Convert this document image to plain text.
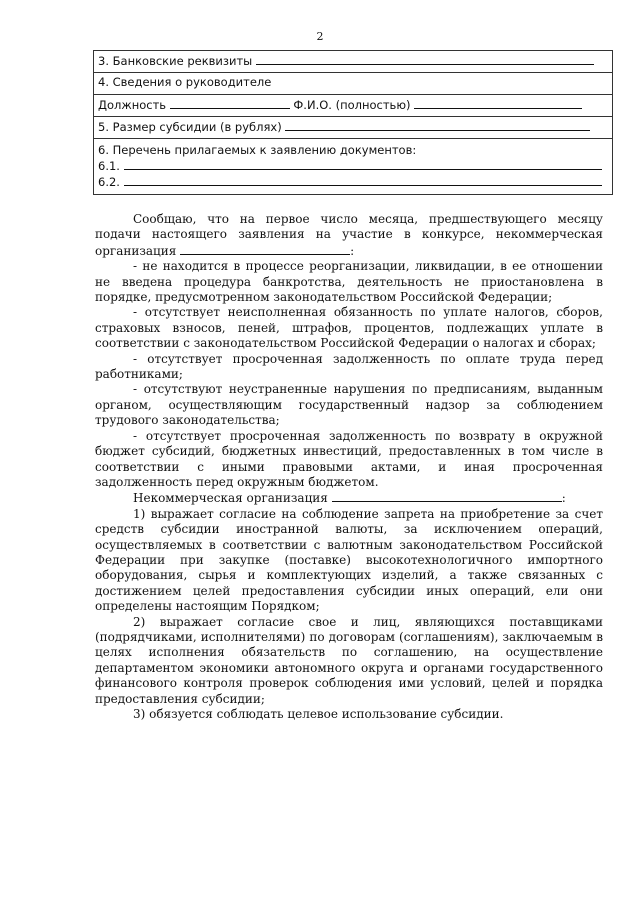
2
3. Банковские реквизиты
4. Сведения о руководителе
Должность	Ф.И.О. (полностью)
5. Размер субсидии (в рублях)

6. Перечень прилагаемых к заявлению документов:
6.1.
6.2.

Сообщаю, что на первое число месяца, предшествующего месяцу подачи настоящего заявления на участие в конкурсе, некоммерческая организация	:

- не находится в процессе реорганизации, ликвидации, в ее отношении не введена процедура банкротства, деятельность не приостановлена в порядке, предусмотренном законодательством Российской Федерации;

- отсутствует неисполненная обязанность по уплате налогов, сборов, страховых взносов, пеней, штрафов, процентов, подлежащих уплате в соответствии с законодательством Российской Федерации о налогах и сборах;

- отсутствует просроченная задолженность по оплате труда перед работниками;

- отсутствуют неустраненные нарушения по предписаниям, выданным органом, осуществляющим государственный надзор за соблюдением трудового законодательства;

- отсутствует просроченная задолженность по возврату в окружной бюджет субсидий, бюджетных инвестиций, предоставленных в том числе в соответствии с иными правовыми актами, и иная просроченная задолженность перед окружным бюджетом.

Некоммерческая организация	:

1) выражает согласие на соблюдение запрета на приобретение за счет средств субсидии иностранной валюты, за исключением операций, осуществляемых в соответствии с валютным законодательством Российской Федерации при закупке (поставке) высокотехнологичного импортного оборудования, сырья и комплектующих изделий, а также связанных с достижением целей предоставления субсидии иных операций, ели они определены настоящим Порядком;

2) выражает согласие свое и лиц, являющихся поставщиками (подрядчиками, исполнителями) по договорам (соглашениям), заключаемым в целях исполнения обязательств по соглашению, на осуществление департаментом экономики автономного округа и органами государственного финансового контроля проверок соблюдения ими условий, целей и порядка предоставления субсидии;

3) обязуется соблюдать целевое использование субсидии.
